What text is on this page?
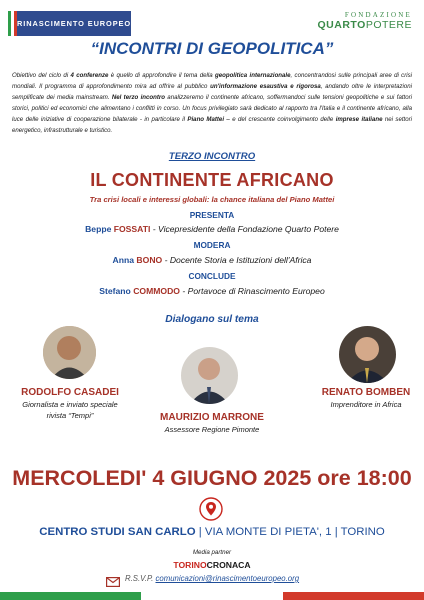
RINASCIMENTO EUROPEO
FONDAZIONE
QUARTOPOTERE
“INCONTRI DI GEOPOLITICA”
Obiettivo del ciclo di 4 conferenze è quello di approfondire il tema della geopolitica internazionale, concentrandosi sulle principali aree di crisi mondiali. Il programma di approfondimento mira ad offrire al pubblico un'informazione esaustiva e rigorosa, andando oltre le interpretazioni semplificate dei media mainstream. Nel terzo incontro analizzeremo il continente africano, soffermandoci sulle tensioni geopolitiche e sui fattori storici, politici ed economici che alimentano i conflitti in corso. Un focus privilegiato sarà dedicato al rapporto tra l'Italia e il continente africano, alla luce delle iniziative di cooperazione bilaterale - in particolare il Piano Mattei – e del crescente coinvolgimento delle imprese italiane nei settori energetico, infrastrutturale e turistico.
TERZO INCONTRO
IL CONTINENTE AFRICANO
Tra crisi locali e interessi globali: la chance italiana del Piano Mattei
PRESENTA
Beppe FOSSATI - Vicepresidente della Fondazione Quarto Potere
MODERA
Anna BONO - Docente Storia e Istituzioni dell'Africa
CONCLUDE
Stefano COMMODO - Portavoce di Rinascimento Europeo
Dialogano sul tema
RODOLFO CASADEI
Giornalista e inviato speciale
rivista “Tempi”	MAURIZIO MARRONE
Assessore Regione Pimonte
RENATO BOMBEN
Imprenditore in Africa
MERCOLEDI' 4 GIUGNO 2025 ore 18:00
CENTRO STUDI SAN CARLO | VIA MONTE DI PIETA', 1 | TORINO
Media partner
TORINOCRONACA
R.S.V.P. comunicazioni@rinascimentoeuropeo.org
